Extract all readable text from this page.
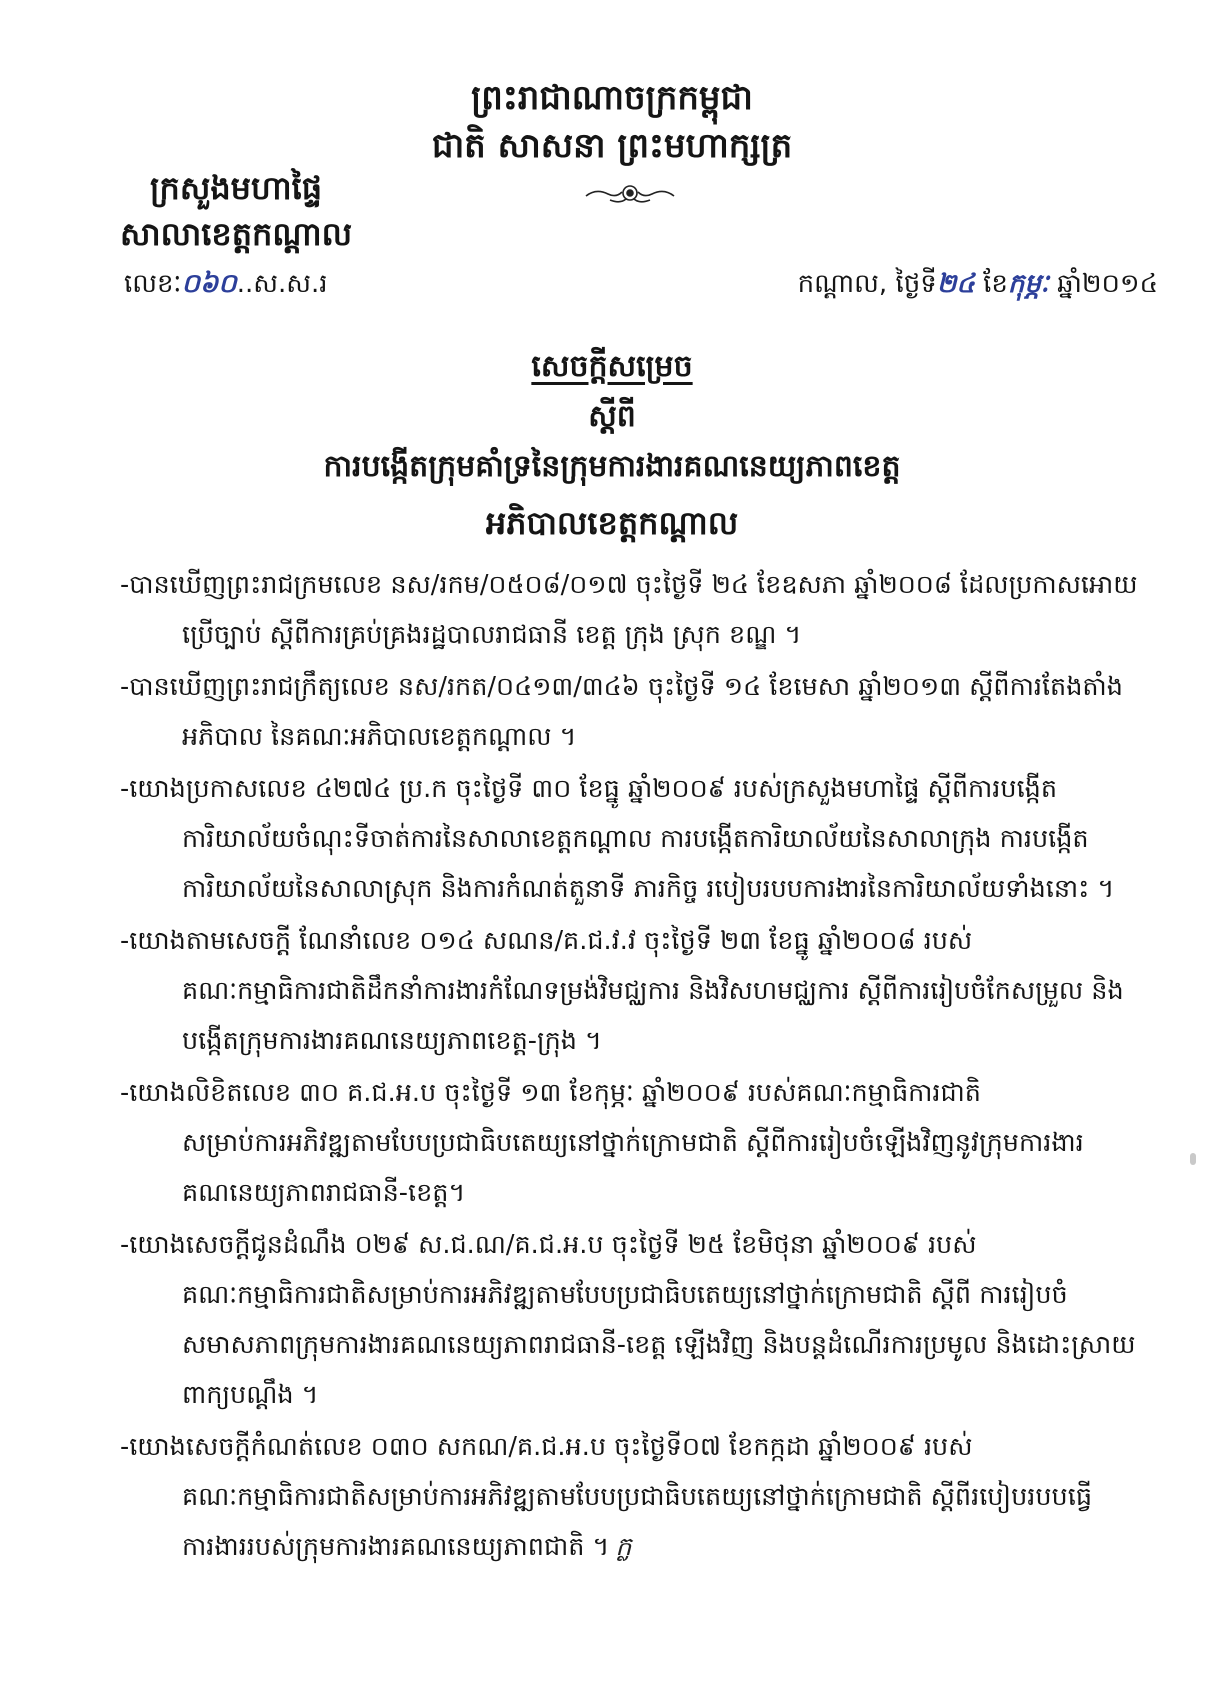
ព្រះរាជាណាចក្រកម្ពុជា
ជាតិ សាសនា ព្រះមហាក្សត្រ
ក្រសួងមហាផ្ទៃ
សាលាខេត្តកណ្ដាល
លេខៈ០៦០..ស.ស.រ	កណ្ដាល, ថ្ងៃទី២៤ ខែកុម្ភៈ ឆ្នាំ២០១៤
សេចក្ដីសម្រេច
ស្ដីពី
ការបង្កើតក្រុមគាំទ្រនៃក្រុមការងារគណនេយ្យភាពខេត្ត
អភិបាលខេត្តកណ្ដាល

-បានឃើញព្រះរាជក្រមលេខ នស/រកម/០៥០៨/០១៧ ចុះថ្ងៃទី ២៤ ខែឧសភា ឆ្នាំ២០០៨ ដែលប្រកាសអោយ

ប្រើច្បាប់ ស្ដីពីការគ្រប់គ្រងរដ្ឋបាលរាជធានី ខេត្ត ក្រុង ស្រុក ខណ្ឌ ។

-បានឃើញព្រះរាជក្រឹត្យលេខ នស/រកត/០៤១៣/៣៤៦ ចុះថ្ងៃទី ១៤ ខែមេសា ឆ្នាំ២០១៣ ស្ដីពីការតែងតាំង

អភិបាល នៃគណៈអភិបាលខេត្តកណ្ដាល ។

-យោងប្រកាសលេខ ៤២៧៤ ប្រ.ក ចុះថ្ងៃទី ៣០ ខែធ្នូ ឆ្នាំ២០០៩ របស់ក្រសួងមហាផ្ទៃ ស្ដីពីការបង្កើត

ការិយាល័យចំណុះទីចាត់ការនៃសាលាខេត្តកណ្ដាល ការបង្កើតការិយាល័យនៃសាលាក្រុង ការបង្កើត

ការិយាល័យនៃសាលាស្រុក និងការកំណត់តួនាទី ភារកិច្ច របៀបរបបការងារនៃការិយាល័យទាំងនោះ ។

-យោងតាមសេចក្ដី ណែនាំលេខ ០១៤ សណន/គ.ជ.វ.វ ចុះថ្ងៃទី ២៣ ខែធ្នូ ឆ្នាំ២០០៨ របស់

គណៈកម្មាធិការជាតិដឹកនាំការងារកំណែទម្រង់វិមជ្ឈការ និងវិសហមជ្ឈការ ស្ដីពីការរៀបចំកែសម្រួល និង

បង្កើតក្រុមការងារគណនេយ្យភាពខេត្ត-ក្រុង ។

-យោងលិខិតលេខ ៣០ គ.ជ.អ.ប ចុះថ្ងៃទី ១៣ ខែកុម្ភៈ ឆ្នាំ២០០៩ របស់គណៈកម្មាធិការជាតិ

សម្រាប់ការអភិវឌ្ឍតាមបែបប្រជាធិបតេយ្យនៅថ្នាក់ក្រោមជាតិ ស្ដីពីការរៀបចំឡើងវិញនូវក្រុមការងារ

គណនេយ្យភាពរាជធានី-ខេត្ត។

-យោងសេចក្ដីជូនដំណឹង ០២៩ ស.ជ.ណ/គ.ជ.អ.ប ចុះថ្ងៃទី ២៥ ខែមិថុនា ឆ្នាំ២០០៩ របស់

គណៈកម្មាធិការជាតិសម្រាប់ការអភិវឌ្ឍតាមបែបប្រជាធិបតេយ្យនៅថ្នាក់ក្រោមជាតិ ស្ដីពី ការរៀបចំ

សមាសភាពក្រុមការងារគណនេយ្យភាពរាជធានី-ខេត្ត ឡើងវិញ និងបន្តដំណើរការប្រមូល និងដោះស្រាយ

ពាក្យបណ្ដឹង ។

-យោងសេចក្ដីកំណត់លេខ ០៣០ សកណ/គ.ជ.អ.ប ចុះថ្ងៃទី០៧ ខែកក្កដា ឆ្នាំ២០០៩ របស់

គណៈកម្មាធិការជាតិសម្រាប់ការអភិវឌ្ឍតាមបែបប្រជាធិបតេយ្យនៅថ្នាក់ក្រោមជាតិ ស្ដីពីរបៀបរបបធ្វើ

ការងាររបស់ក្រុមការងារគណនេយ្យភាពជាតិ ។ ក្ល
